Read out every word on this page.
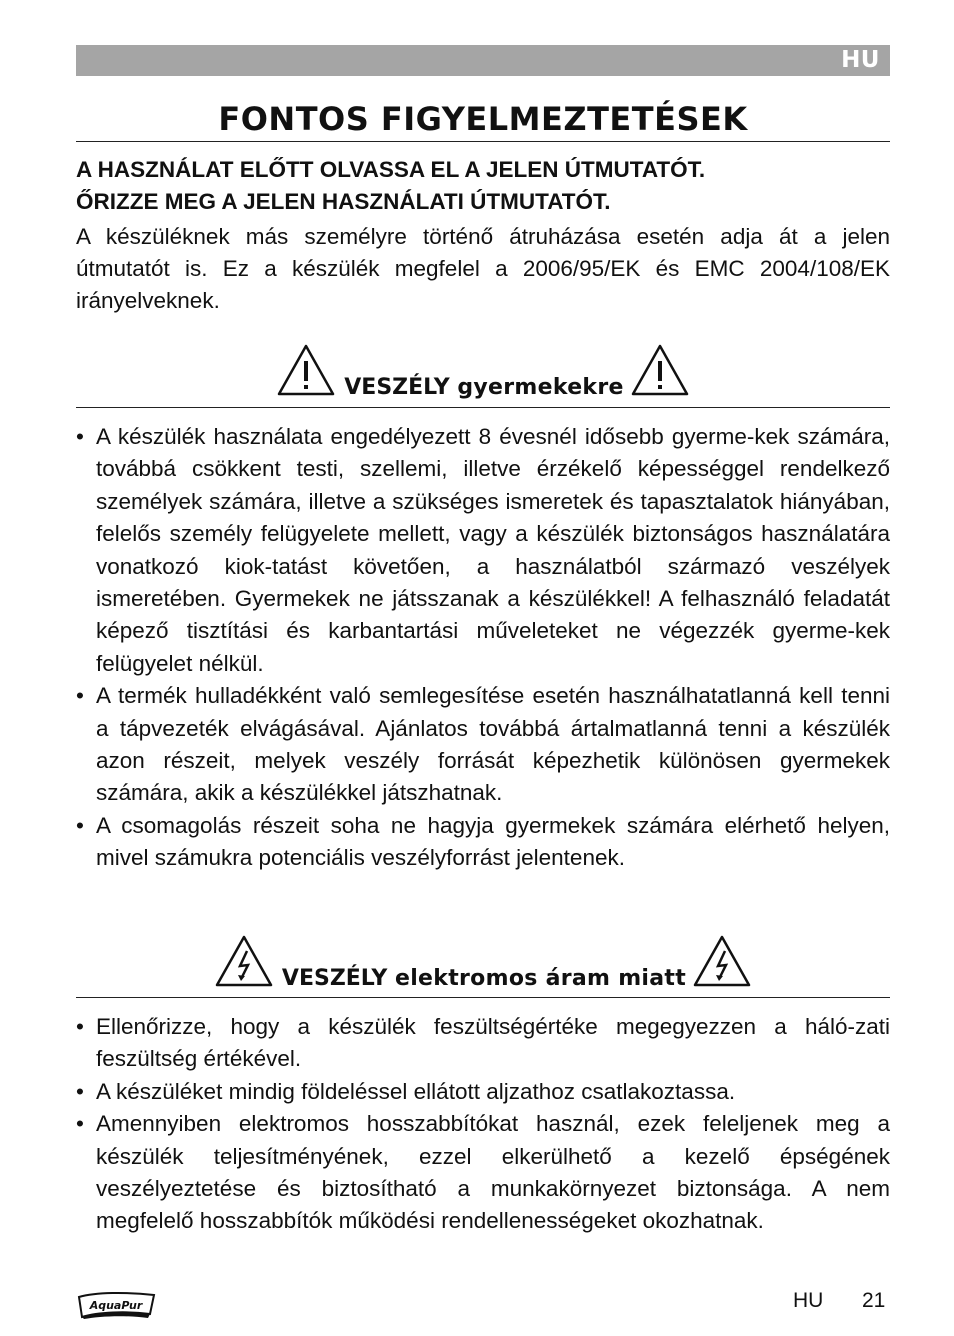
HU
FONTOS FIGYELMEZTETÉSEK
A HASZNÁLAT ELŐTT OLVASSA EL A JELEN ÚTMUTATÓT.
ŐRIZZE MEG A JELEN HASZNÁLATI ÚTMUTATÓT.
A készüléknek más személyre történő átruházása esetén adja át a jelen útmutatót is. Ez a készülék megfelel a 2006/95/EK és EMC 2004/108/EK irányelveknek.
VESZÉLY gyermekekre
• A készülék használata engedélyezett 8 évesnél idősebb gyerme-kek számára, továbbá csökkent testi, szellemi, illetve érzékelő képességgel rendelkező személyek számára, illetve a szükséges ismeretek és tapasztalatok hiányában, felelős személy felügyelete mellett, vagy a készülék biztonságos használatára vonatkozó kiok-tatást követően, a használatból származó veszélyek ismeretében. Gyermekek ne játsszanak a készülékkel! A felhasználó feladatát képező tisztítási és karbantartási műveleteket ne végezzék gyerme-kek felügyelet nélkül.
• A termék hulladékként való semlegesítése esetén használhatatlanná kell tenni a tápvezeték elvágásával. Ajánlatos továbbá ártalmatlanná tenni a készülék azon részeit, melyek veszély forrását képezhetik különösen gyermekek számára, akik a készülékkel játszhatnak.
• A csomagolás részeit soha ne hagyja gyermekek számára elérhető helyen, mivel számukra potenciális veszélyforrást jelentenek.
VESZÉLY elektromos áram miatt
• Ellenőrizze, hogy a készülék feszültségértéke megegyezzen a háló-zati feszültség értékével.
• A készüléket mindig földeléssel ellátott aljzathoz csatlakoztassa.
• Amennyiben elektromos hosszabbítókat használ, ezek feleljenek meg a készülék teljesítményének, ezzel elkerülhető a kezelő épségének veszélyeztetése és biztosítható a munkakörnyezet biztonsága. A nem megfelelő hosszabbítók működési rendellenességeket okozhatnak.
AquaPur	HU 21
